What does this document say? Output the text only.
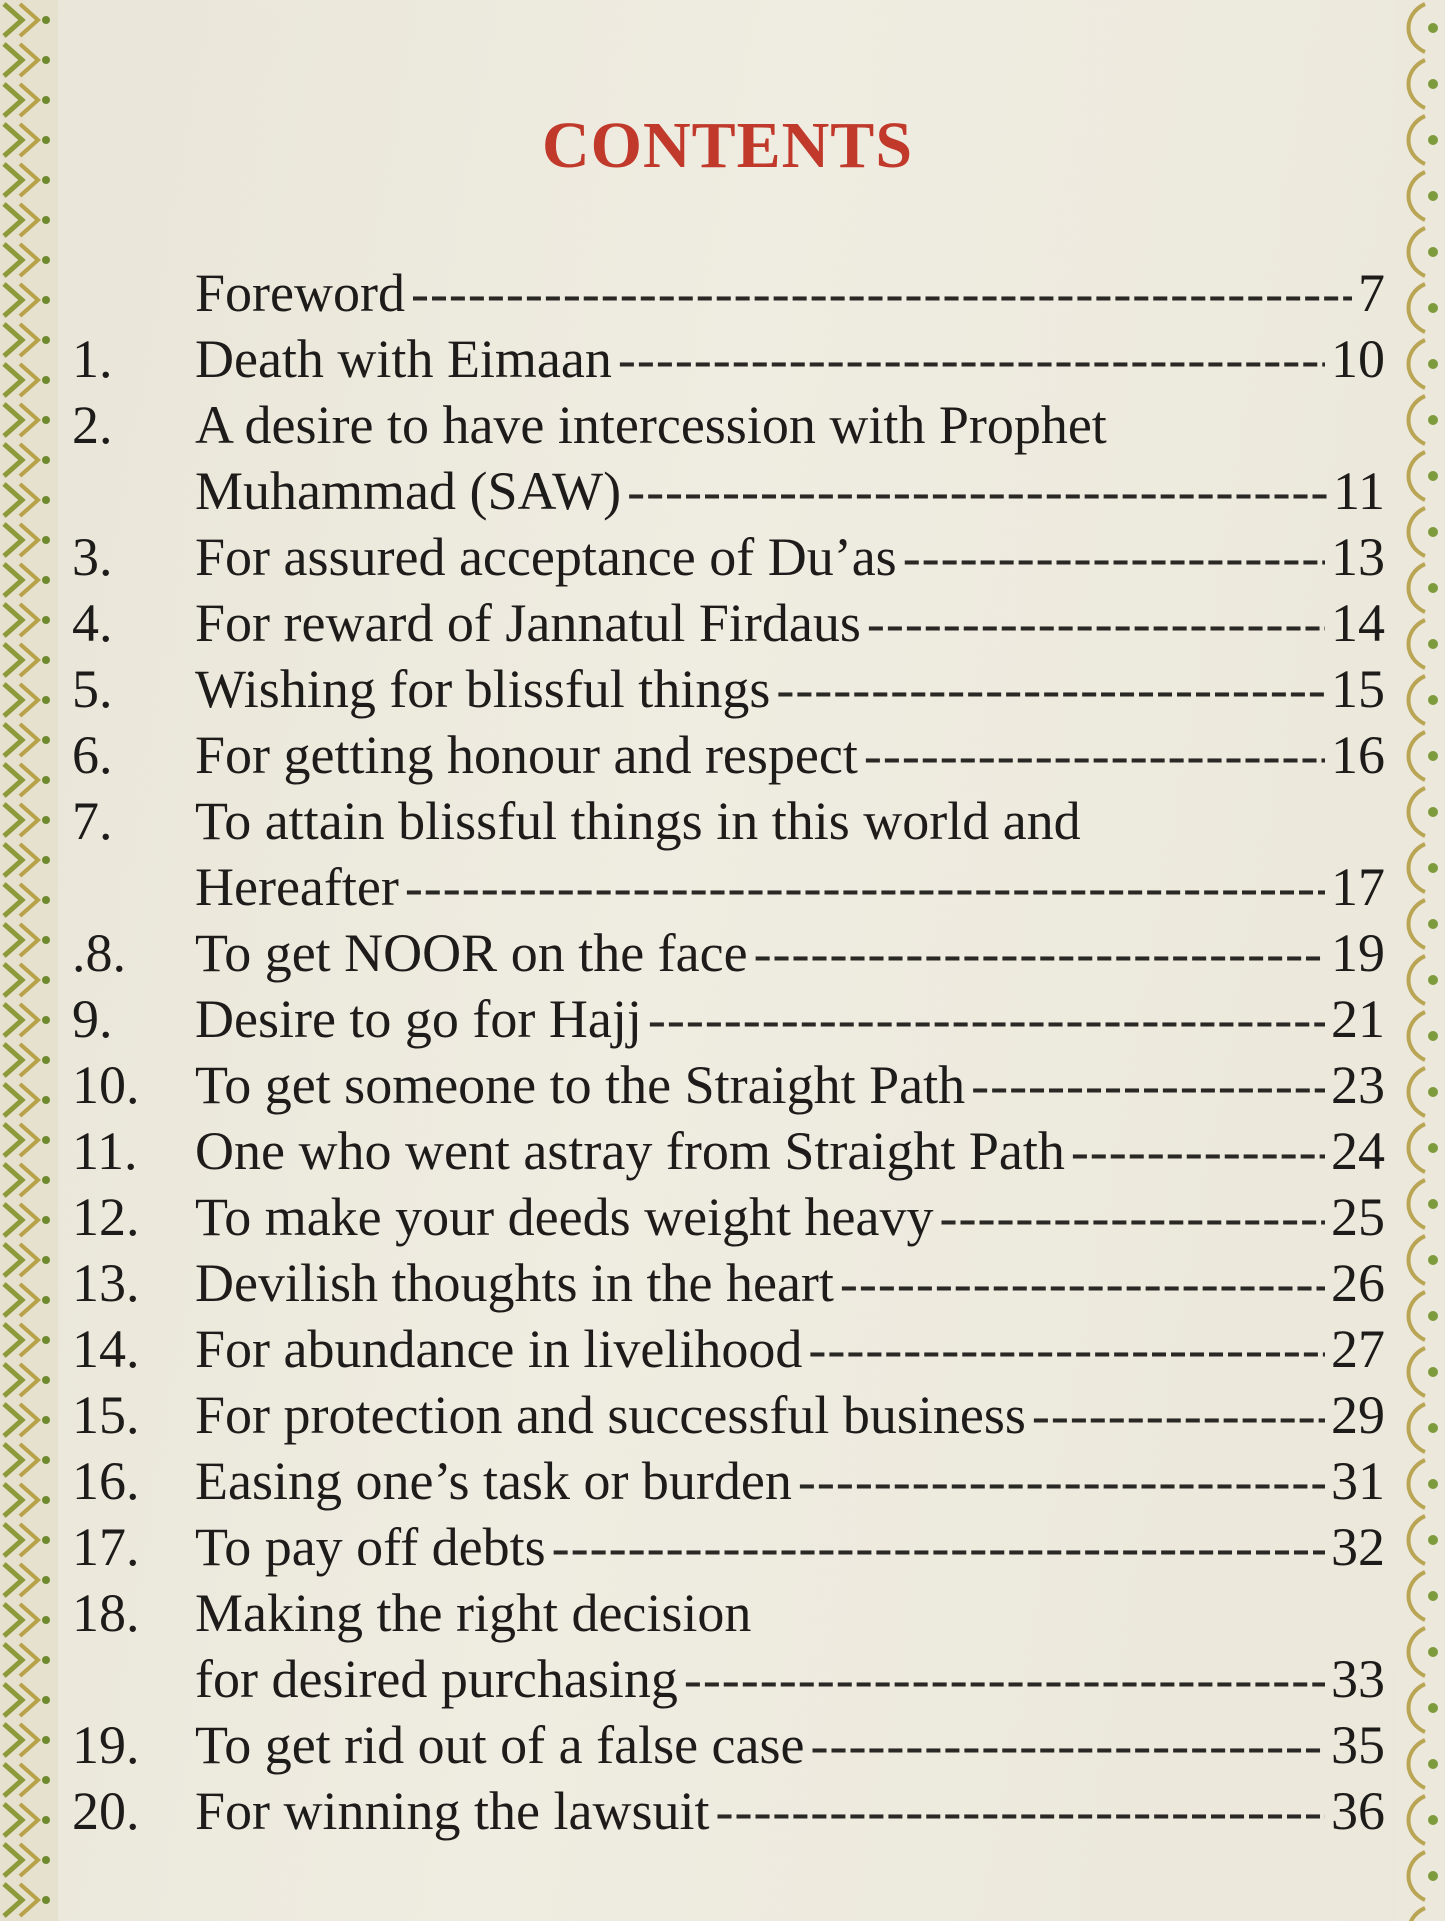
CONTENTS
Foreword -----	7
1.	Death with Eimaan -----	10
2.	A desire to have intercession with Prophet
Muhammad (SAW) -----	11
3.	For assured acceptance of Du’as -----	13
4.	For reward of Jannatul Firdaus -----	14
5.	Wishing for blissful things -----	15
6.	For getting honour and respect -----	16
7.	To attain blissful things in this world and
Hereafter -----	17
.8.	To get NOOR on the face -----	19
9.	Desire to go for Hajj -----	21
10.	To get someone to the Straight Path -----	23
11.	One who went astray from Straight Path -----	24
12.	To make your deeds weight heavy -----	25
13.	Devilish thoughts in the heart -----	26
14.	For abundance in livelihood -----	27
15.	For protection and successful business -----	29
16.	Easing one’s task or burden -----	31
17.	To pay off debts -----	32
18.	Making the right decision
for desired purchasing -----	33
19.	To get rid out of a false case -----	35
20.	For winning the lawsuit -----	36
